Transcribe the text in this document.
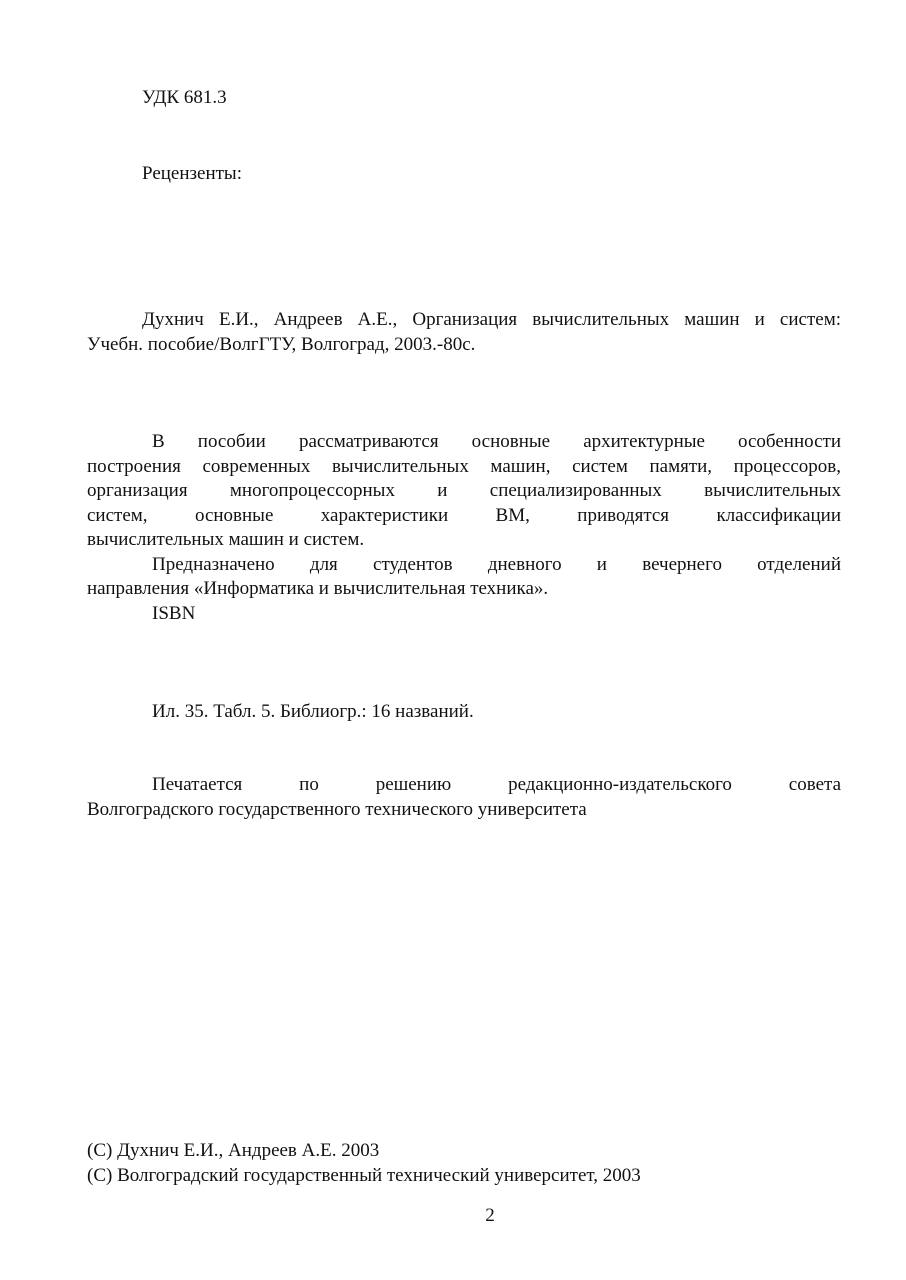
УДК 681.3

Рецензенты:

Духнич Е.И., Андреев А.Е., Организация вычислительных машин и систем:
Учебн. пособие/ВолгГТУ, Волгоград, 2003.-80с.
В пособии рассматриваются основные архитектурные особенности
построения современных вычислительных машин, систем памяти, процессоров,
организация многопроцессорных и специализированных вычислительных
систем, основные характеристики ВМ, приводятся классификации
вычислительных машин и систем.
Предназначено для студентов дневного и вечернего отделений
направления «Информатика и вычислительная техника».
ISBN

Ил. 35. Табл. 5. Библиогр.: 16 названий.

Печатается по решению редакционно-издательского совета
Волгоградского государственного технического университета

(С) Духнич Е.И., Андреев А.Е. 2003

(С) Волгоградский государственный технический университет, 2003

2
